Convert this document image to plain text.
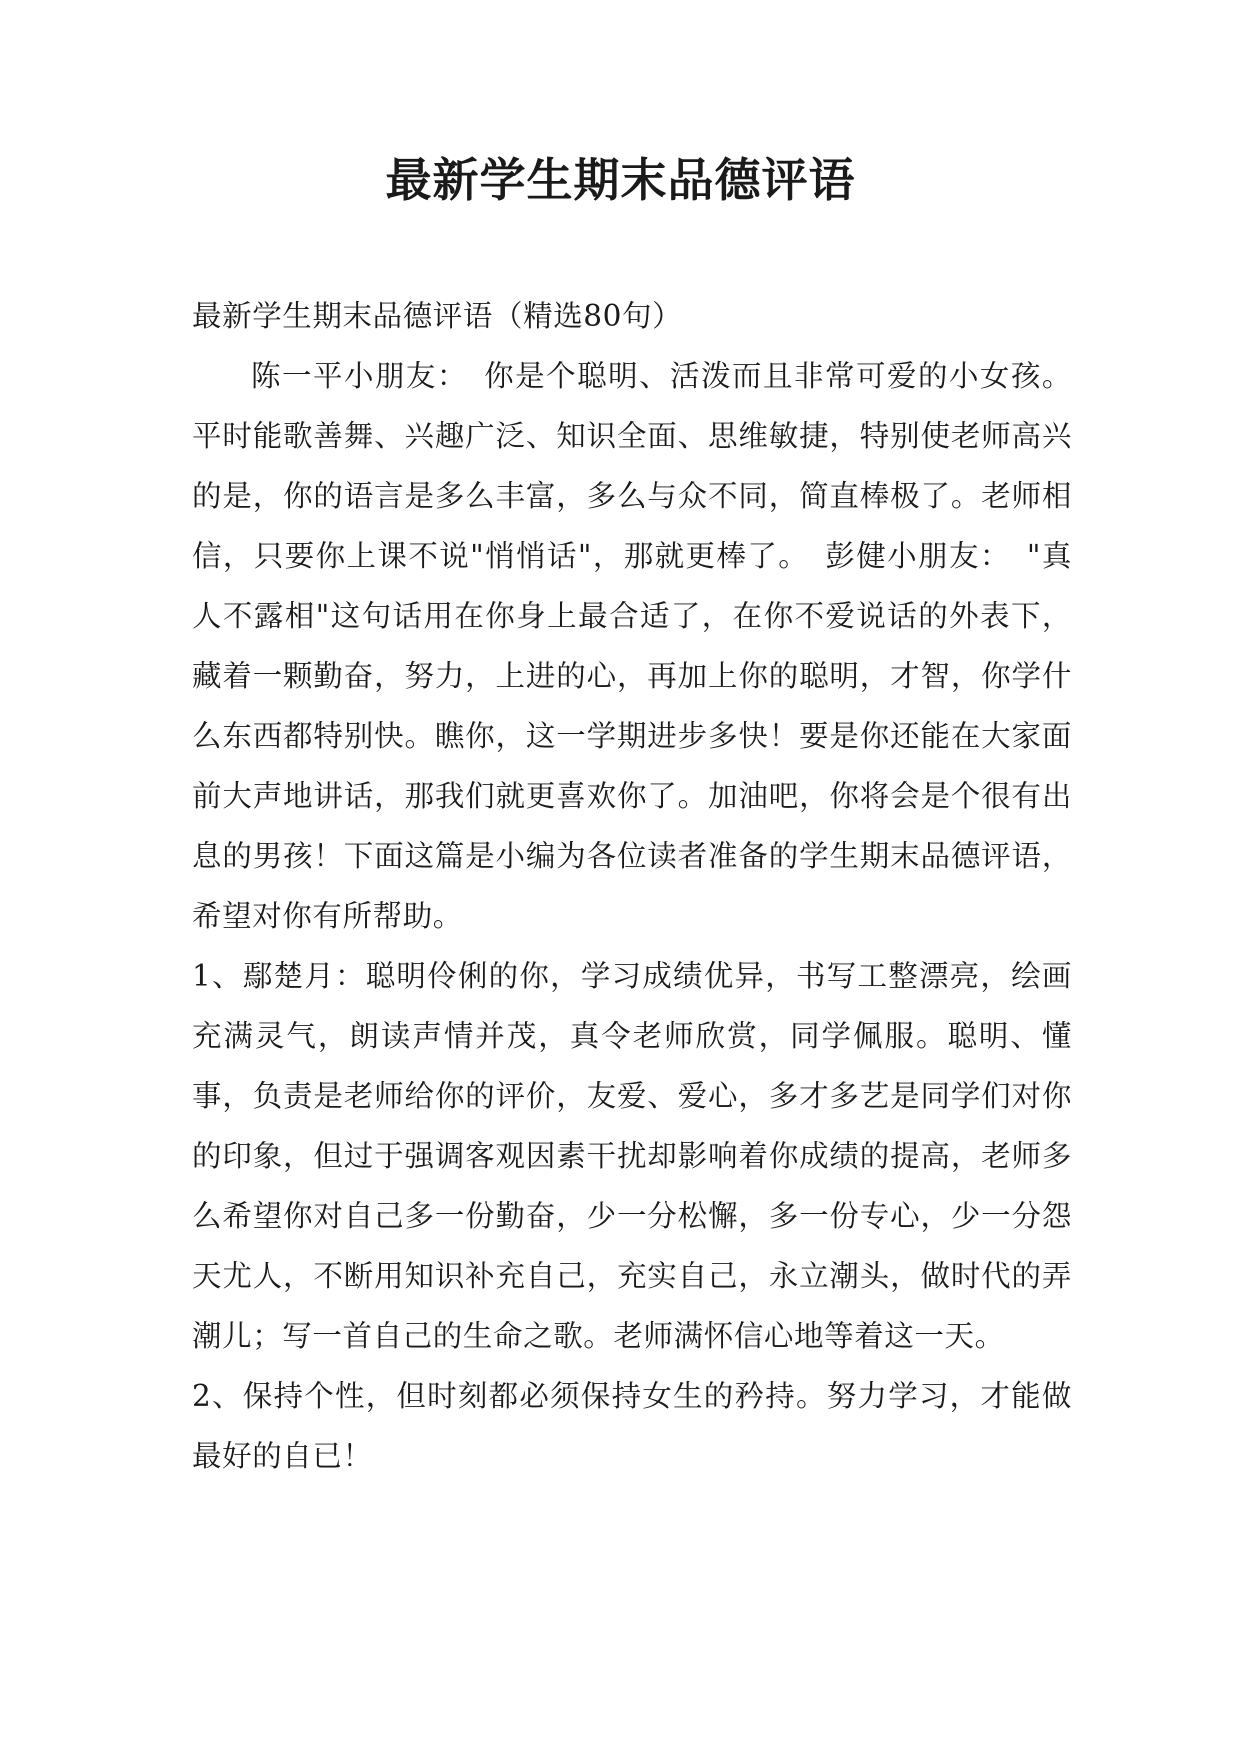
最新学生期末品德评语

最新学生期末品德评语（精选80句）

陈一平小朋友：　你是个聪明、活泼而且非常可爱的小女孩。平时能歌善舞、兴趣广泛、知识全面、思维敏捷，特别使老师高兴的是，你的语言是多么丰富，多么与众不同，简直棒极了。老师相信，只要你上课不说"悄悄话"，那就更棒了。　彭健小朋友：　"真人不露相"这句话用在你身上最合适了，在你不爱说话的外表下，藏着一颗勤奋，努力，上进的心，再加上你的聪明，才智，你学什么东西都特别快。瞧你，这一学期进步多快！要是你还能在大家面前大声地讲话，那我们就更喜欢你了。加油吧，你将会是个很有出息的男孩！下面这篇是小编为各位读者准备的学生期末品德评语，希望对你有所帮助。

1、鄢楚月：聪明伶俐的你，学习成绩优异，书写工整漂亮，绘画充满灵气，朗读声情并茂，真令老师欣赏，同学佩服。聪明、懂事，负责是老师给你的评价，友爱、爱心，多才多艺是同学们对你的印象，但过于强调客观因素干扰却影响着你成绩的提高，老师多么希望你对自己多一份勤奋，少一分松懈，多一份专心，少一分怨天尤人，不断用知识补充自己，充实自己，永立潮头，做时代的弄潮儿；写一首自己的生命之歌。老师满怀信心地等着这一天。

2、保持个性，但时刻都必须保持女生的矜持。努力学习，才能做最好的自已！
